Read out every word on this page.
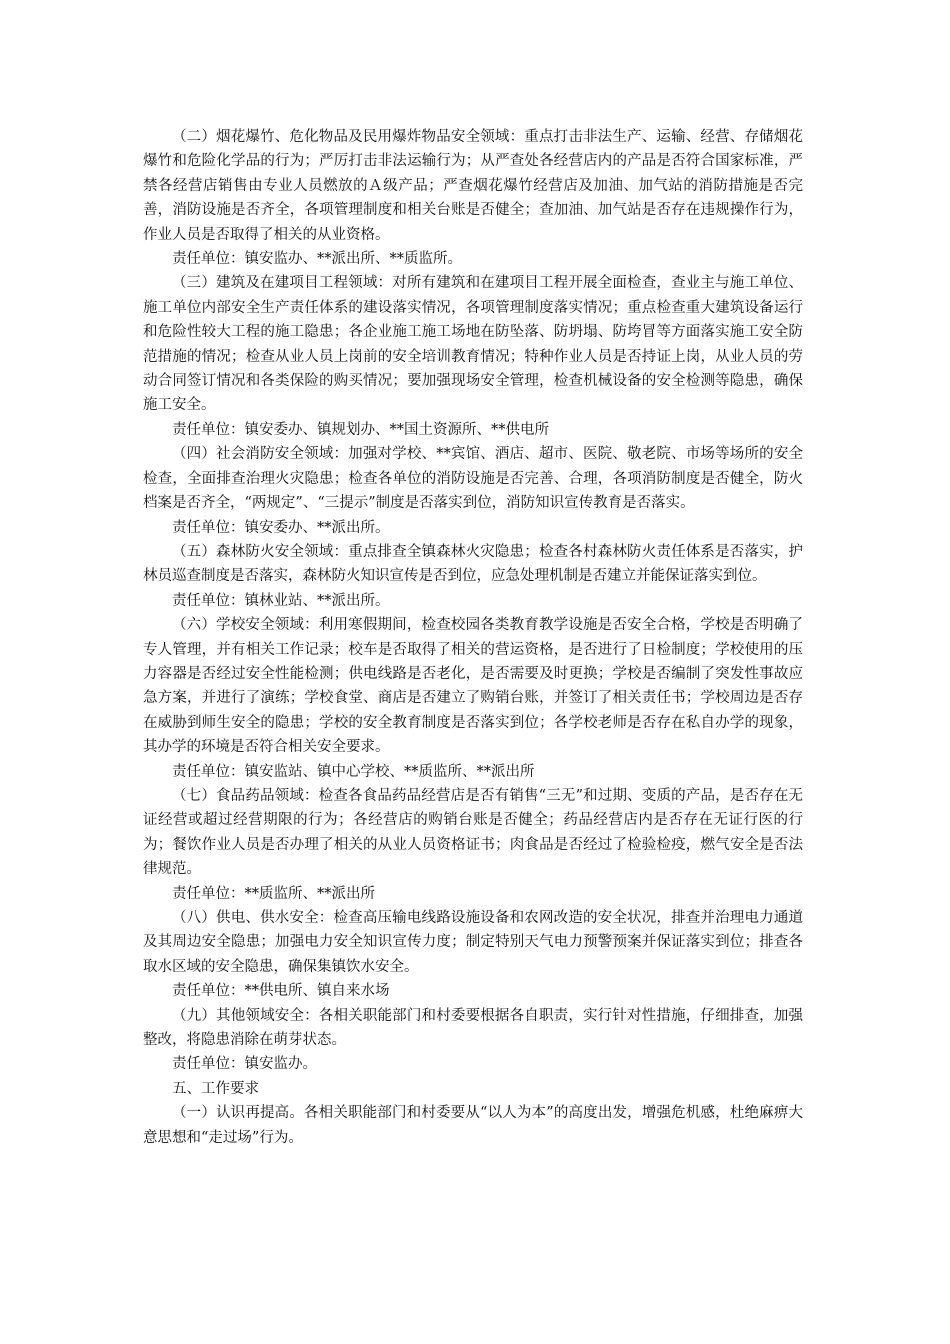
（二）烟花爆竹、危化物品及民用爆炸物品安全领域：重点打击非法生产、运输、经营、存储烟花爆竹和危险化学品的行为；严厉打击非法运输行为；从严查处各经营店内的产品是否符合国家标准，严禁各经营店销售由专业人员燃放的Ａ级产品；严查烟花爆竹经营店及加油、加气站的消防措施是否完善，消防设施是否齐全，各项管理制度和相关台账是否健全；查加油、加气站是否存在违规操作行为，作业人员是否取得了相关的从业资格。

责任单位：镇安监办、**派出所、**质监所。

（三）建筑及在建项目工程领域：对所有建筑和在建项目工程开展全面检查，查业主与施工单位、施工单位内部安全生产责任体系的建设落实情况，各项管理制度落实情况；重点检查重大建筑设备运行和危险性较大工程的施工隐患；各企业施工施工场地在防坠落、防坍塌、防垮冒等方面落实施工安全防范措施的情况；检查从业人员上岗前的安全培训教育情况；特种作业人员是否持证上岗，从业人员的劳动合同签订情况和各类保险的购买情况；要加强现场安全管理，检查机械设备的安全检测等隐患，确保施工安全。

责任单位：镇安委办、镇规划办、**国土资源所、**供电所

（四）社会消防安全领域：加强对学校、**宾馆、酒店、超市、医院、敬老院、市场等场所的安全检查，全面排查治理火灾隐患；检查各单位的消防设施是否完善、合理，各项消防制度是否健全，防火档案是否齐全，“两规定”、“三提示”制度是否落实到位，消防知识宣传教育是否落实。

责任单位：镇安委办、**派出所。

（五）森林防火安全领域：重点排查全镇森林火灾隐患；检查各村森林防火责任体系是否落实，护林员巡查制度是否落实，森林防火知识宣传是否到位，应急处理机制是否建立并能保证落实到位。

责任单位：镇林业站、**派出所。

（六）学校安全领域：利用寒假期间，检查校园各类教育教学设施是否安全合格，学校是否明确了专人管理，并有相关工作记录；校车是否取得了相关的营运资格，是否进行了日检制度；学校使用的压力容器是否经过安全性能检测；供电线路是否老化，是否需要及时更换；学校是否编制了突发性事故应急方案，并进行了演练；学校食堂、商店是否建立了购销台账，并签订了相关责任书；学校周边是否存在威胁到师生安全的隐患；学校的安全教育制度是否落实到位；各学校老师是否存在私自办学的现象，其办学的环境是否符合相关安全要求。

责任单位：镇安监站、镇中心学校、**质监所、**派出所

（七）食品药品领域：检查各食品药品经营店是否有销售“三无”和过期、变质的产品，是否存在无证经营或超过经营期限的行为；各经营店的购销台账是否健全；药品经营店内是否存在无证行医的行为；餐饮作业人员是否办理了相关的从业人员资格证书；肉食品是否经过了检验检疫，燃气安全是否法律规范。

责任单位：**质监所、**派出所

（八）供电、供水安全：检查高压输电线路设施设备和农网改造的安全状况，排查并治理电力通道及其周边安全隐患；加强电力安全知识宣传力度；制定特别天气电力预警预案并保证落实到位；排查各取水区域的安全隐患，确保集镇饮水安全。

责任单位：**供电所、镇自来水场

（九）其他领域安全：各相关职能部门和村委要根据各自职责，实行针对性措施，仔细排查，加强整改，将隐患消除在萌芽状态。

责任单位：镇安监办。

五、工作要求

（一）认识再提高。各相关职能部门和村委要从“以人为本”的高度出发，增强危机感，杜绝麻痹大意思想和“走过场”行为。
